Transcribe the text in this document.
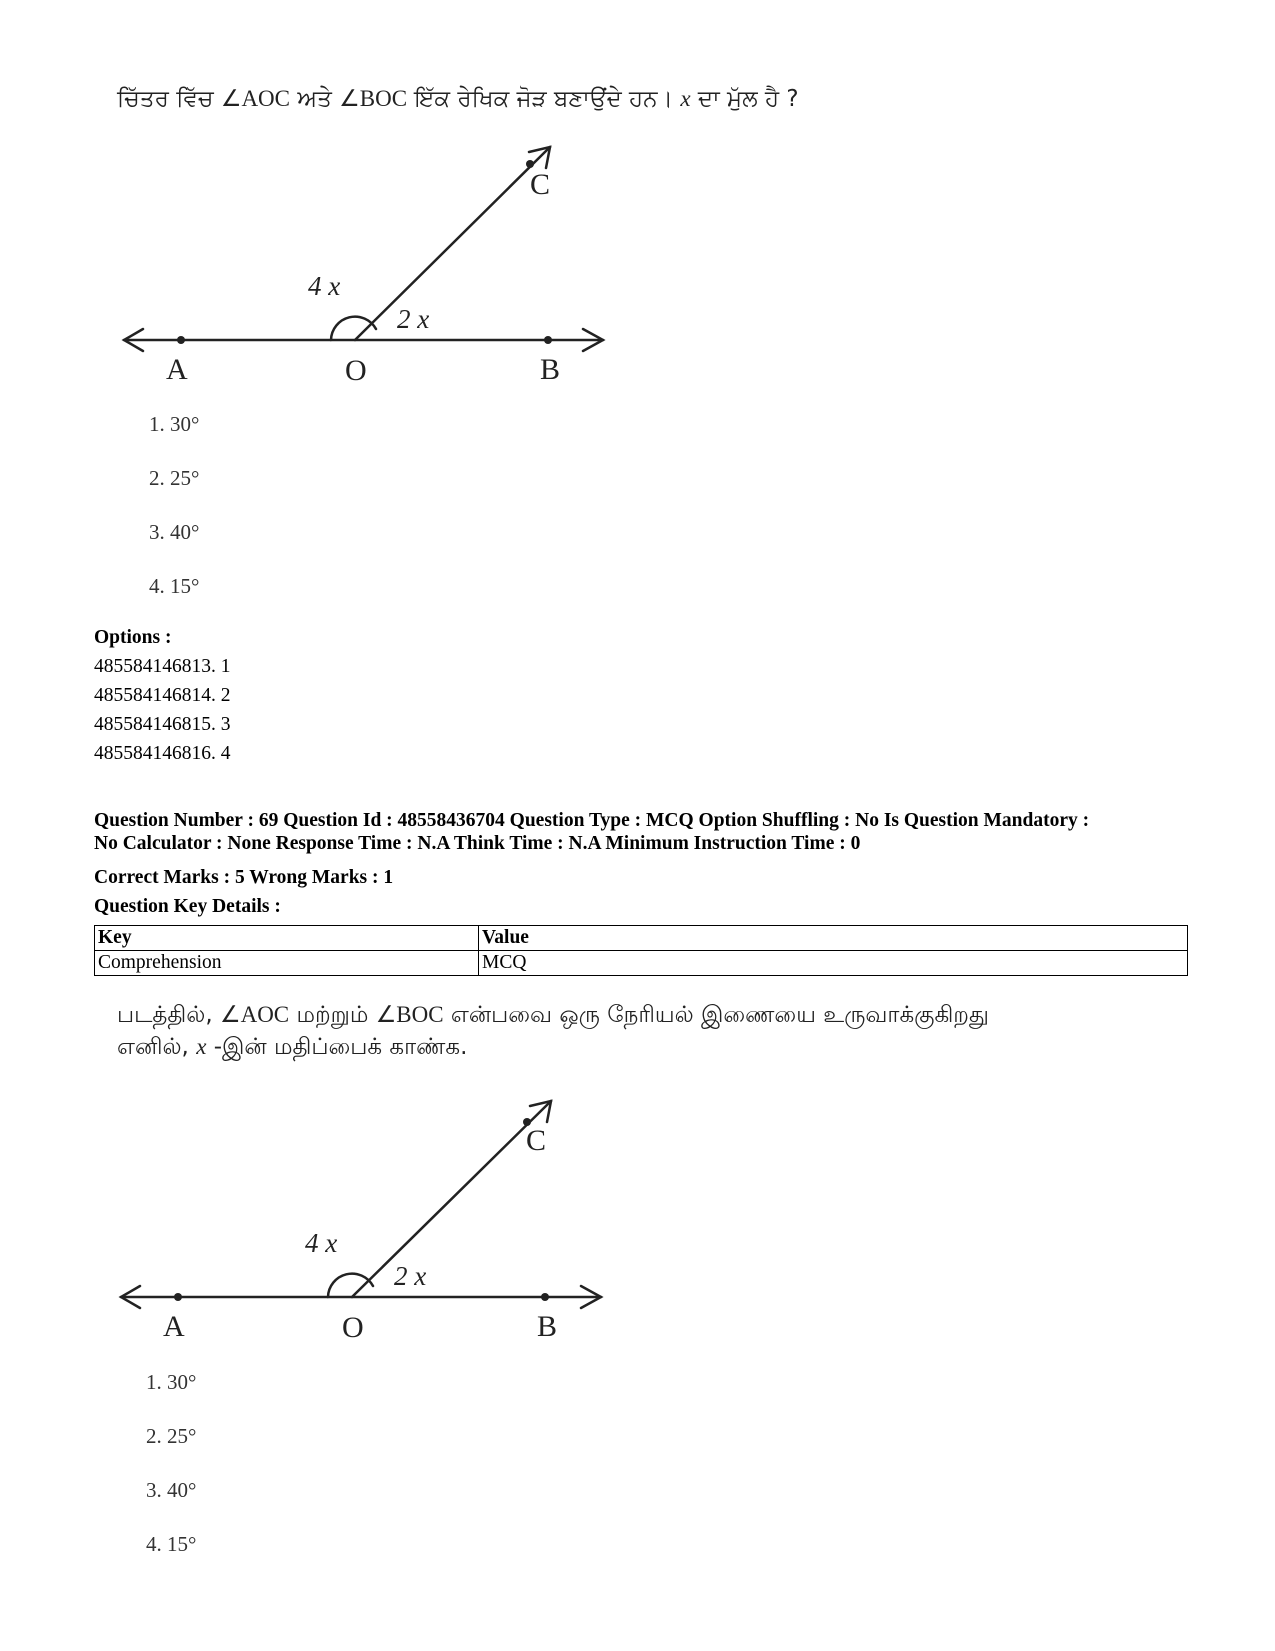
ਚਿੱਤਰ ਵਿੱਚ ∠AOC ਅਤੇ ∠BOC ਇੱਕ ਰੇਖਿਕ ਜੋੜ ਬਣਾਉਂਦੇ ਹਨ। x ਦਾ ਮੁੱਲ ਹੈ ?
A	O	B
C
4 x
2 x
1. 30°
2. 25°
3. 40°
4. 15°
Options :
485584146813. 1
485584146814. 2
485584146815. 3
485584146816. 4
Question Number : 69 Question Id : 48558436704 Question Type : MCQ Option Shuffling : No Is Question Mandatory :
No Calculator : None Response Time : N.A Think Time : N.A Minimum Instruction Time : 0
Correct Marks : 5 Wrong Marks : 1
Question Key Details :
Key	Value
Comprehension	MCQ
படத்தில், ∠AOC மற்றும் ∠BOC என்பவை ஒரு நேரியல் இணையை உருவாக்குகிறது
எனில், x -இன் மதிப்பைக் காண்க.
A	O	B
C
4 x
2 x
1. 30°
2. 25°
3. 40°
4. 15°
